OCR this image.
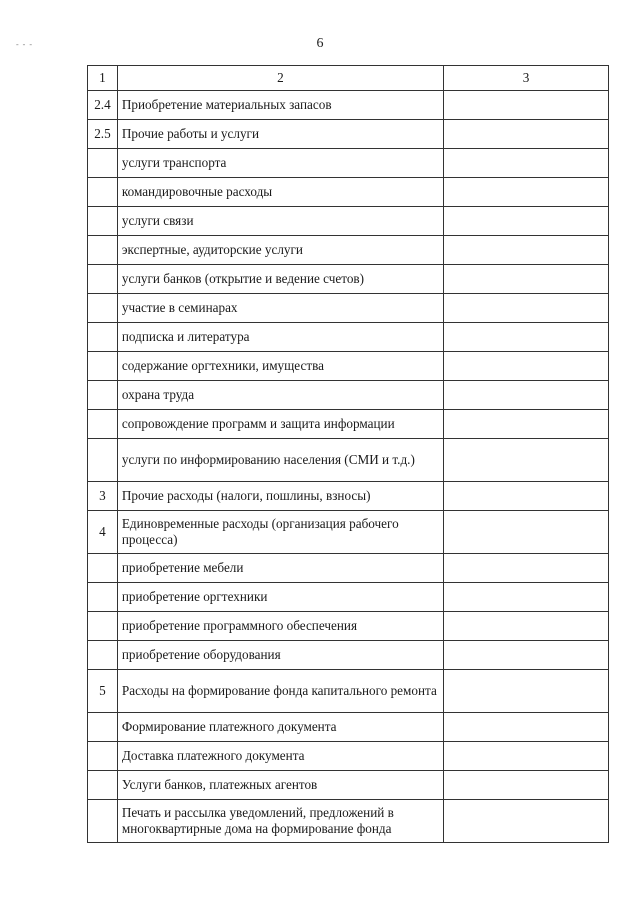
- - -	6
1	2	3
2.4	Приобретение материальных запасов	
2.5	Прочие работы и услуги	
	услуги транспорта	
	командировочные расходы	
	услуги связи	
	экспертные, аудиторские услуги	
	услуги банков (открытие и ведение счетов)	
	участие в семинарах	
	подписка и литература	
	содержание оргтехники, имущества	
	охрана труда	
	сопровождение программ и защита информации	
	услуги по информированию населения (СМИ и т.д.)	
3	Прочие расходы (налоги, пошлины, взносы)	
4	Единовременные расходы (организация рабочего процесса)	
	приобретение мебели	
	приобретение оргтехники	
	приобретение программного обеспечения	
	приобретение оборудования	
5	Расходы на формирование фонда капитального ремонта	
	Формирование платежного документа	
	Доставка платежного документа	
	Услуги банков, платежных агентов	
	Печать и рассылка уведомлений, предложений в многоквартирные дома на формирование фонда	
